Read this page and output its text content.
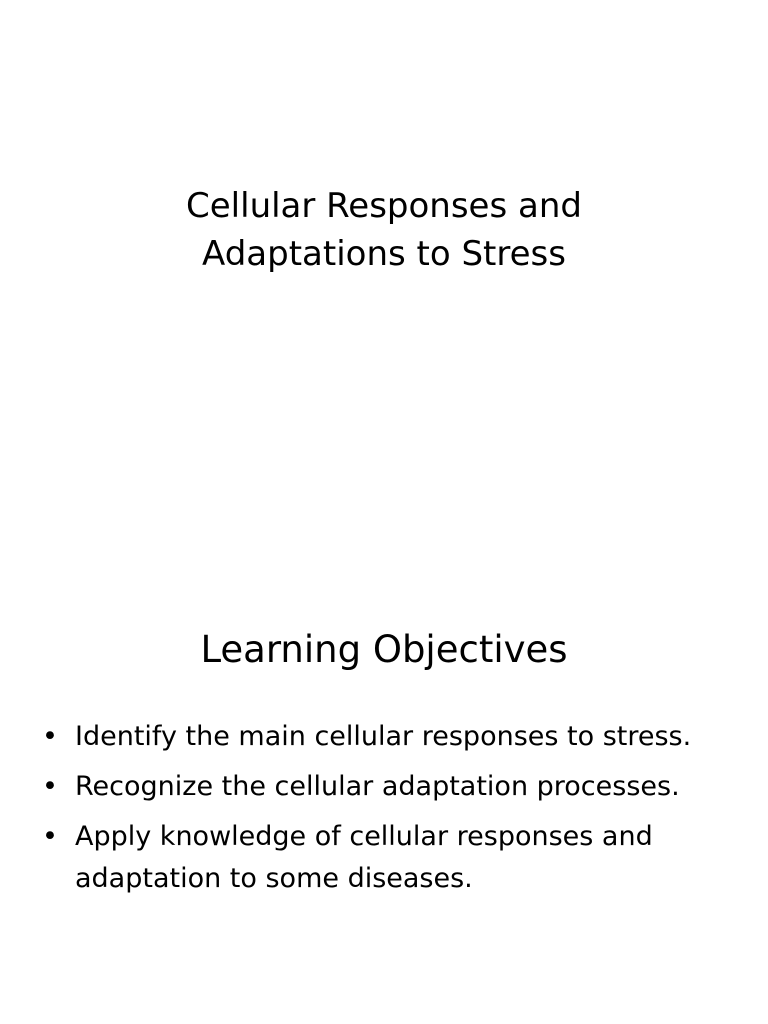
Cellular Responses and
Adaptations to Stress
Learning Objectives
• Identify the main cellular responses to stress.
• Recognize the cellular adaptation processes.
• Apply knowledge of cellular responses and adaptation to some diseases.
